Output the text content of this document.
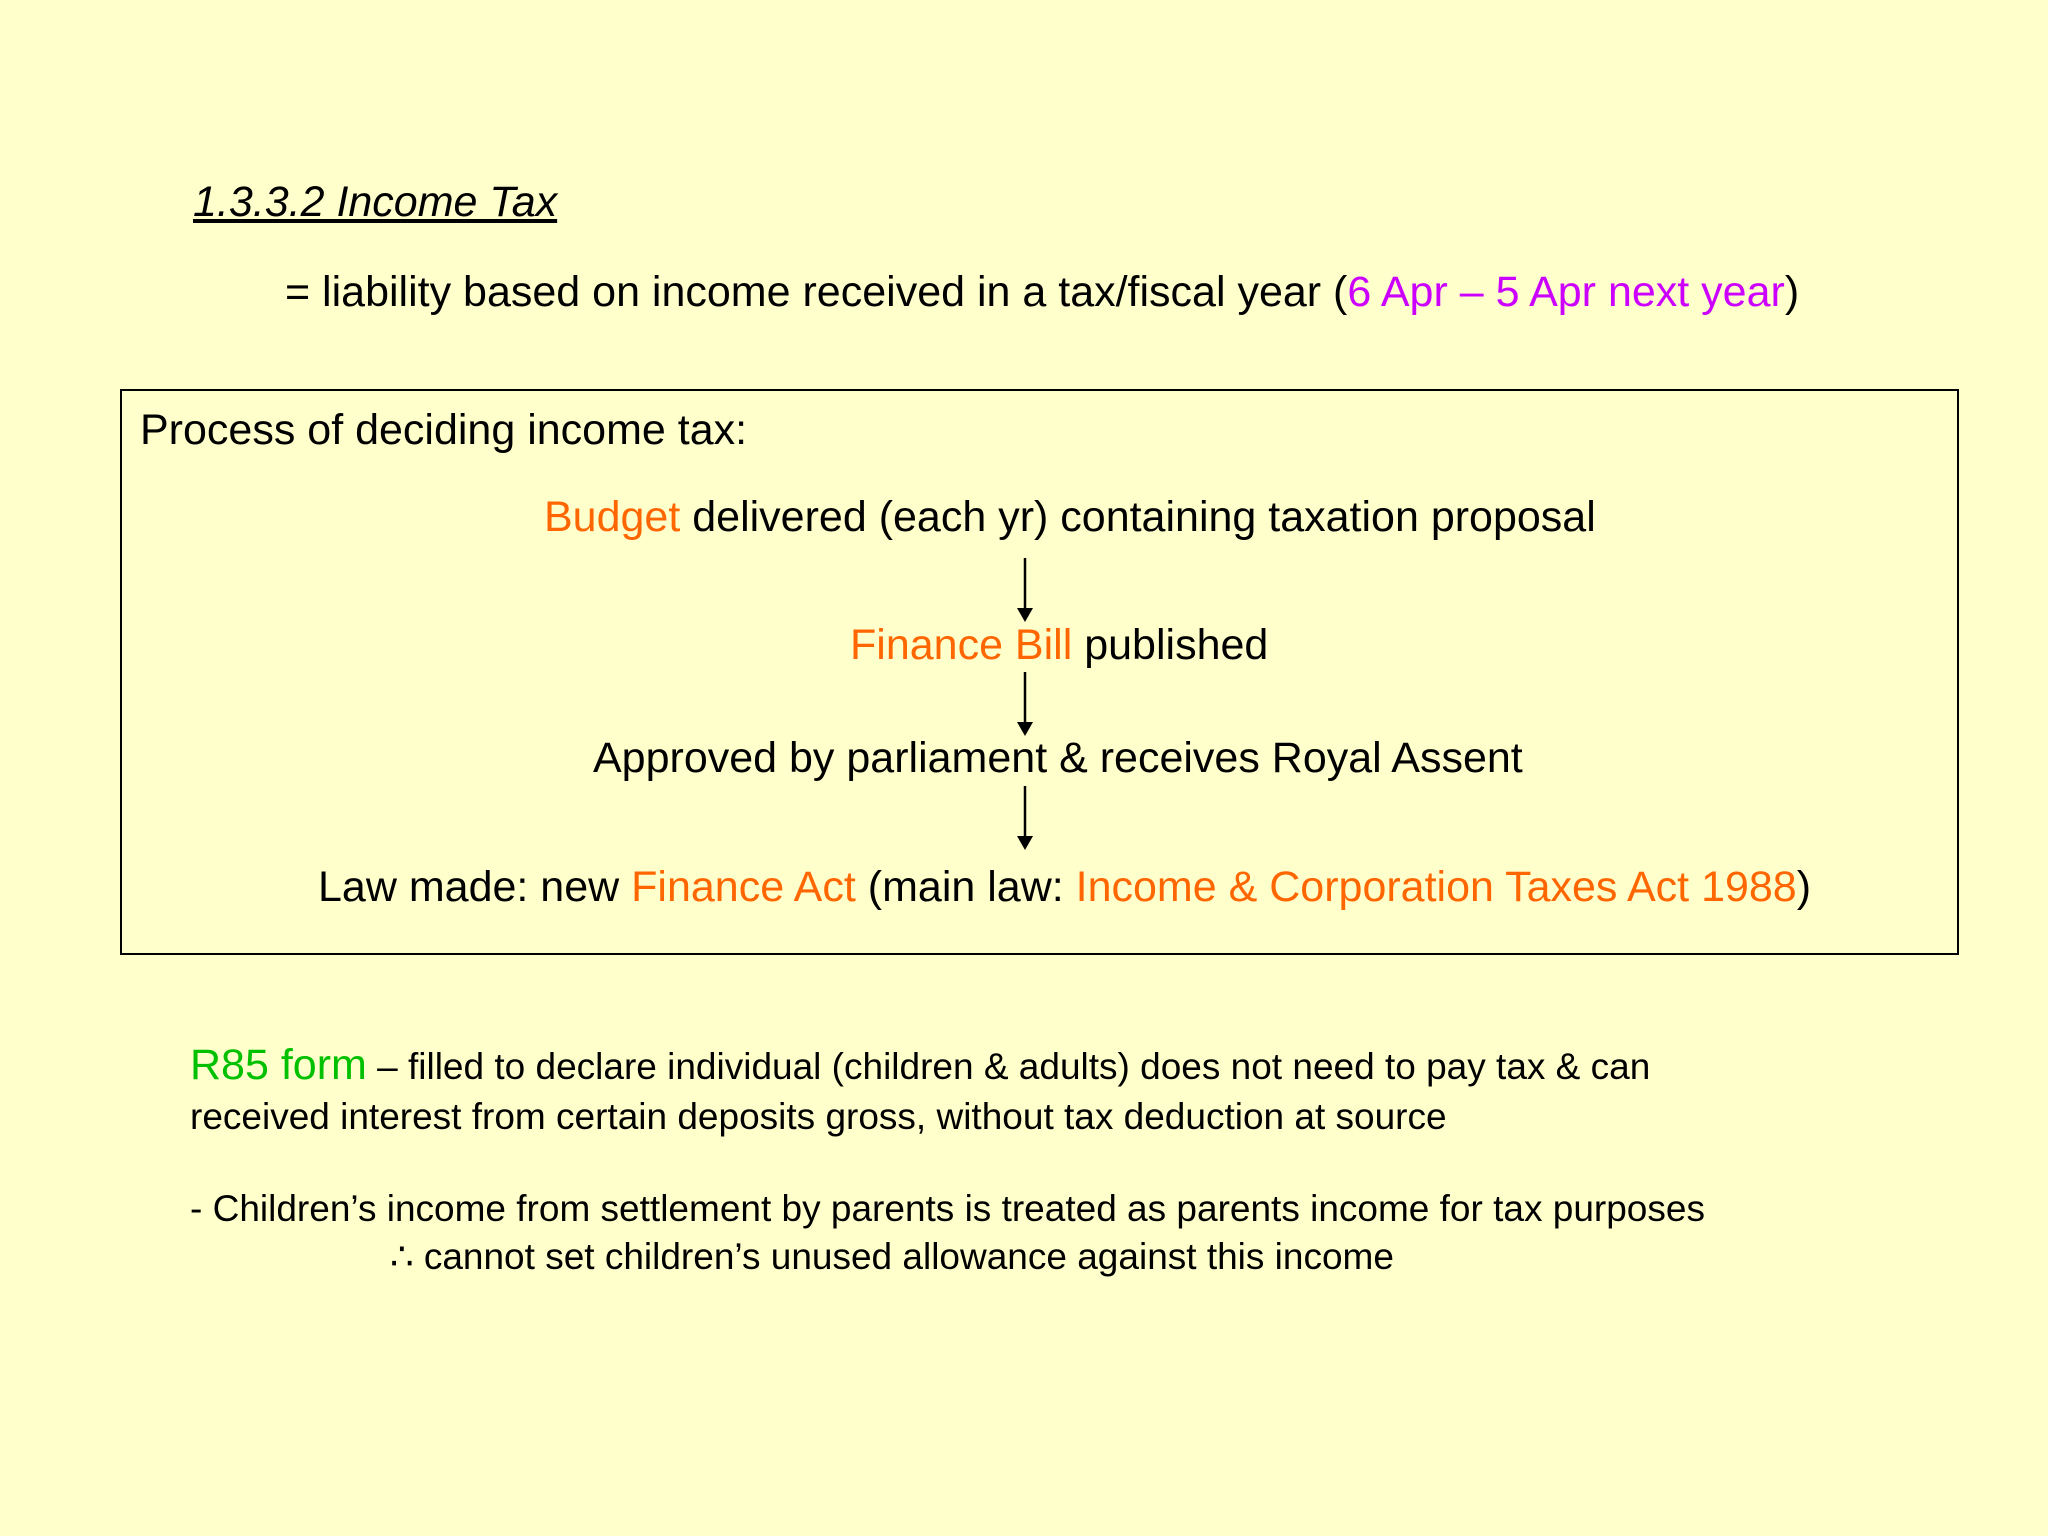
1.3.3.2 Income Tax
= liability based on income received in a tax/fiscal year (6 Apr – 5 Apr next year)
Process of deciding income tax:
Budget delivered (each yr) containing taxation proposal
Finance Bill published
Approved by parliament & receives Royal Assent
Law made: new Finance Act (main law: Income & Corporation Taxes Act 1988)
R85 form – filled to declare individual (children & adults) does not need to pay tax & can
received interest from certain deposits gross, without tax deduction at source
- Children’s income from settlement by parents is treated as parents income for tax purposes
∴ cannot set children’s unused allowance against this income
